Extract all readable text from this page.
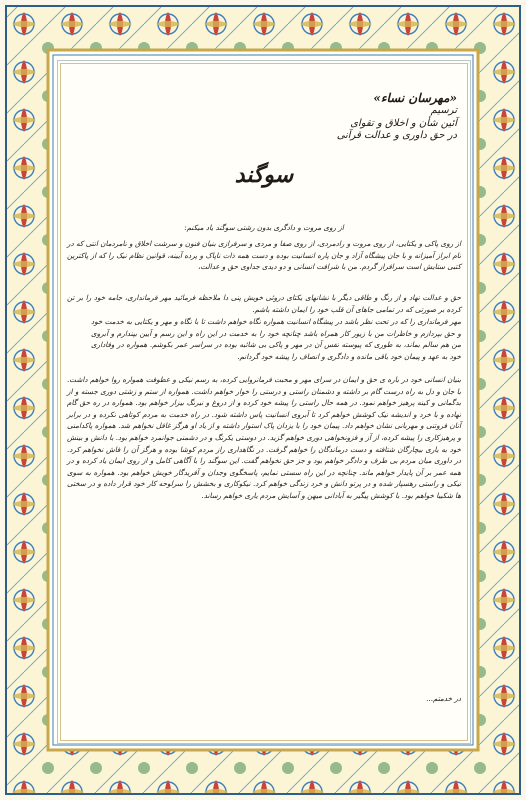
«مهرسان نساء»
ترسیم
آئین شأن و اخلاق و تقوای
در حق داوری و عدالت قرآنی
سوگند
از روی مروت و دادگری بدون رشتی سوگند یاد میکنم:
از روی پاکی و یکتایی، از روی مروت و رادمردی، از روی صفا و مردی و سرفرازی بنیان فنون و سرشت اخلاق و نامردمان انتی که در نام ابراز آمیزانه و با جان پیشگاه آزاد و جان پاره انسانیت بوده و دست همه ذات ناپاک و پرده آیینه، قوانین نظام نیک را که از پاکترین کتبی ستایش است سرافراز گردم. من با شرافت انسانی و دو دیدی جداوی حق و عدالت،
حق و عدالت نهاد و از رنگ و طاقی دیگر با نشانهای یکتای دروئی خویش پنی دا ملاحظه فرمائید مهر فرمانداری، جامه خود را بر تن کرده بر صورتی که در تمامی جاهای آن قلب خود را ایمان داشته باشم.
مهر فرمانداری را که در تحت نظر باشد در پیشگاه انسانیت همواره نگاه خواهم داشت تا با نگاه و مهر و یکتایی به خدمت خود و حق بپردازم و خاطرات من با زیور کار همراه باشد چنانچه خود را به خدمت در این راه و این رسم و آیین بپندارم و آبروی من هم سالم بماند، به طوری که پیوسته نفس آن در مهر و پاکی بی شائبه بوده در سراسر عمر بکوشم. همواره در وفاداری خود به عهد و پیمان خود باقی مانده و دادگری و انصاف را پیشه خود گردانم.
بنیان انسانی خود در باره ی حق و ایمان در سرای مهر و محبت فرمانروایی کرده، به رسم نیکی و عطوفت همواره روا خواهم داشت. با جان و دل به راه درست گام بر داشته و دشمنان راستی و درستی را خوار خواهم داشت. همواره از ستم و زشتی دوری جسته و از بدگمانی و کینه پرهیز خواهم نمود. در همه حال راستی را پیشه خود کرده و از دروغ و نیرنگ بیزار خواهم بود. همواره در ره حق گام نهاده و با خرد و اندیشه نیک کوشش خواهم کرد تا آبروی انسانیت پاس داشته شود. در راه خدمت به مردم کوتاهی نکرده و در برابر آنان فروتنی و مهربانی نشان خواهم داد. پیمان خود را با یزدان پاک استوار داشته و از یاد او هرگز غافل نخواهم شد. همواره پاکدامنی و پرهیزکاری را پیشه کرده، از آز و فزونخواهی دوری خواهم گزید. در دوستی یکرنگ و در دشمنی جوانمرد خواهم بود. با دانش و بینش خود به یاری بیچارگان شتافته و دست درماندگان را خواهم گرفت. در نگاهداری راز مردم کوشا بوده و هرگز آن را فاش نخواهم کرد. در داوری میان مردم بی طرف و دادگر خواهم بود و جز حق نخواهم گفت. این سوگند را با آگاهی کامل و از روی ایمان یاد کرده و در همه عمر بر آن پایدار خواهم ماند. چنانچه در این راه سستی نمایم، پاسخگوی وجدان و آفریدگار خویش خواهم بود. همواره به سوی نیکی و راستی رهسپار شده و در پرتو دانش و خرد زندگی خواهم کرد. نیکوکاری و بخشش را سرلوحه کار خود قرار داده و در سختی ها شکیبا خواهم بود. با کوشش پیگیر به آبادانی میهن و آسایش مردم یاری خواهم رساند.
در خدمتم...
